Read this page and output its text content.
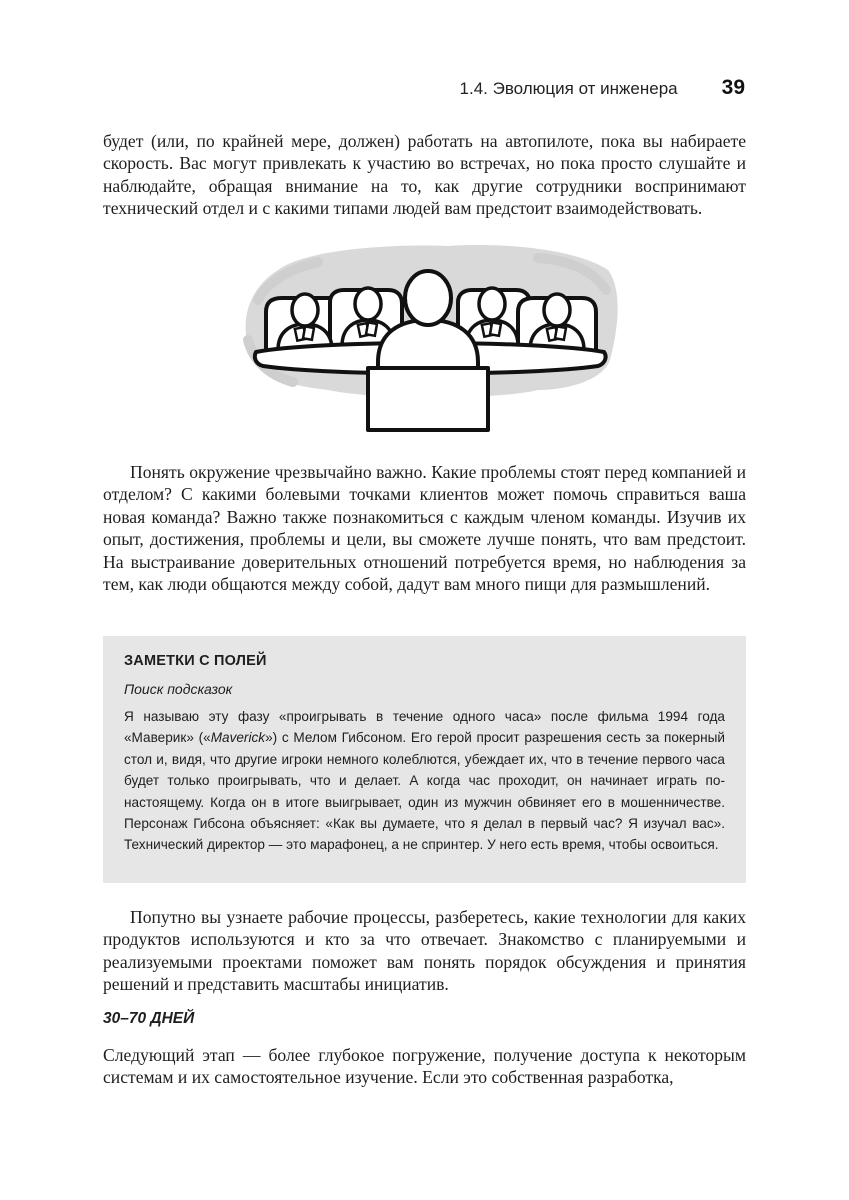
1.4. Эволюция от инженера 39

будет (или, по крайней мере, должен) работать на автопилоте, пока вы набираете скорость. Вас могут привлекать к участию во встречах, но пока просто слушайте и наблюдайте, обращая внимание на то, как другие сотрудники воспринимают технический отдел и с какими типами людей вам предстоит взаимодействовать.

Понять окружение чрезвычайно важно. Какие проблемы стоят перед компанией и отделом? С какими болевыми точками клиентов может помочь справиться ваша новая команда? Важно также познакомиться с каждым членом команды. Изучив их опыт, достижения, проблемы и цели, вы сможете лучше понять, что вам предстоит. На выстраивание доверительных отношений потребуется время, но наблюдения за тем, как люди общаются между собой, дадут вам много пищи для размышлений.

ЗАМЕТКИ С ПОЛЕЙ

Поиск подсказок

Я называю эту фазу «проигрывать в течение одного часа» после фильма 1994 года «Маверик» («Maverick») с Мелом Гибсоном. Его герой просит разрешения сесть за покерный стол и, видя, что другие игроки немного колеблются, убеждает их, что в течение первого часа будет только проигрывать, что и делает. А когда час проходит, он начинает играть по-настоящему. Когда он в итоге выигрывает, один из мужчин обвиняет его в мошенничестве. Персонаж Гибсона объясняет: «Как вы думаете, что я делал в первый час? Я изучал вас». Технический директор — это марафонец, а не спринтер. У него есть время, чтобы освоиться.

Попутно вы узнаете рабочие процессы, разберетесь, какие технологии для каких продуктов используются и кто за что отвечает. Знакомство с планируемыми и реализуемыми проектами поможет вам понять порядок обсуждения и принятия решений и представить масштабы инициатив.

30–70 ДНЕЙ

Следующий этап — более глубокое погружение, получение доступа к некоторым системам и их самостоятельное изучение. Если это собственная разработка,
